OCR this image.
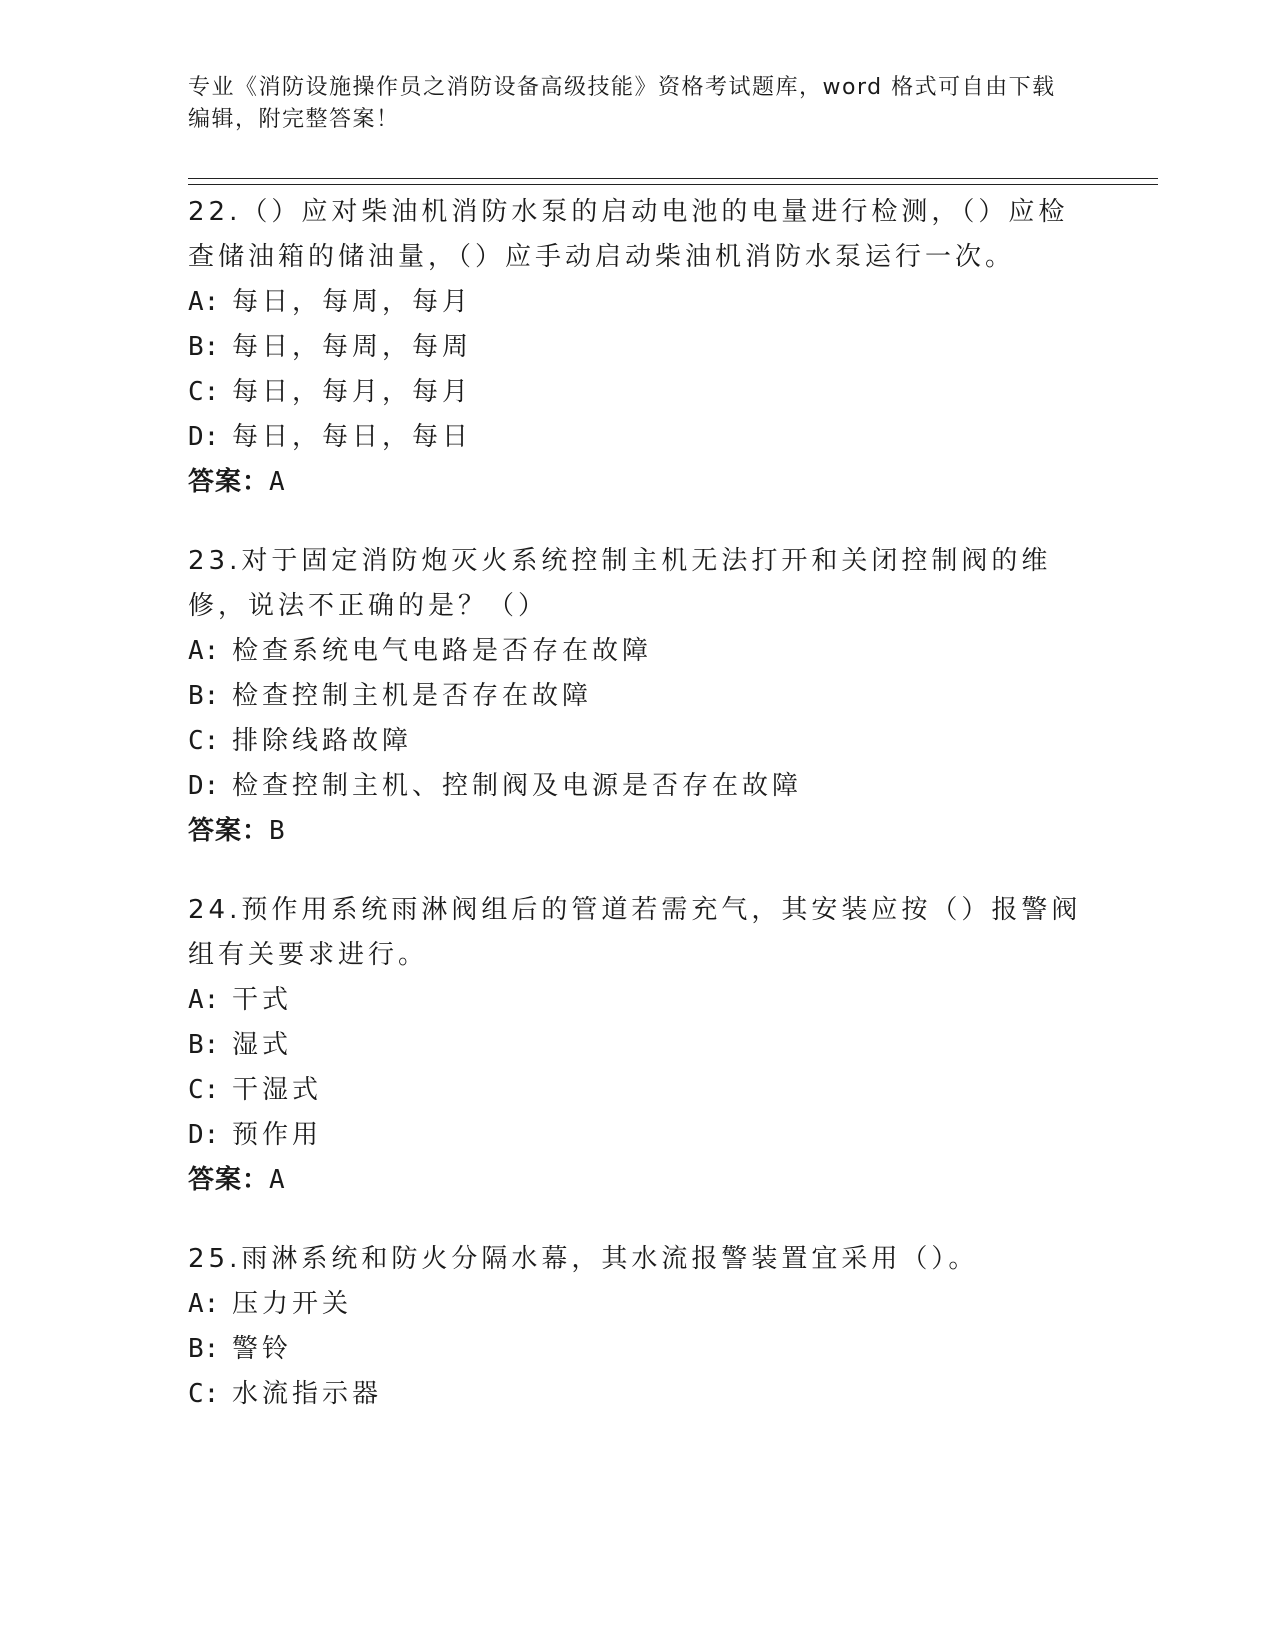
专业《消防设施操作员之消防设备高级技能》资格考试题库，word 格式可自由下载编辑，附完整答案！

22.（）应对柴油机消防水泵的启动电池的电量进行检测，（）应检查储油箱的储油量，（）应手动启动柴油机消防水泵运行一次。

A: 每日，每周，每月

B: 每日，每周，每周

C: 每日，每月，每月

D: 每日，每日，每日

答案：A

23.对于固定消防炮灭火系统控制主机无法打开和关闭控制阀的维修，说法不正确的是？（）

A: 检查系统电气电路是否存在故障

B: 检查控制主机是否存在故障

C: 排除线路故障

D: 检查控制主机、控制阀及电源是否存在故障

答案：B

24.预作用系统雨淋阀组后的管道若需充气，其安装应按（）报警阀组有关要求进行。

A: 干式

B: 湿式

C: 干湿式

D: 预作用

答案：A

25.雨淋系统和防火分隔水幕，其水流报警装置宜采用（）。

A: 压力开关

B: 警铃

C: 水流指示器
